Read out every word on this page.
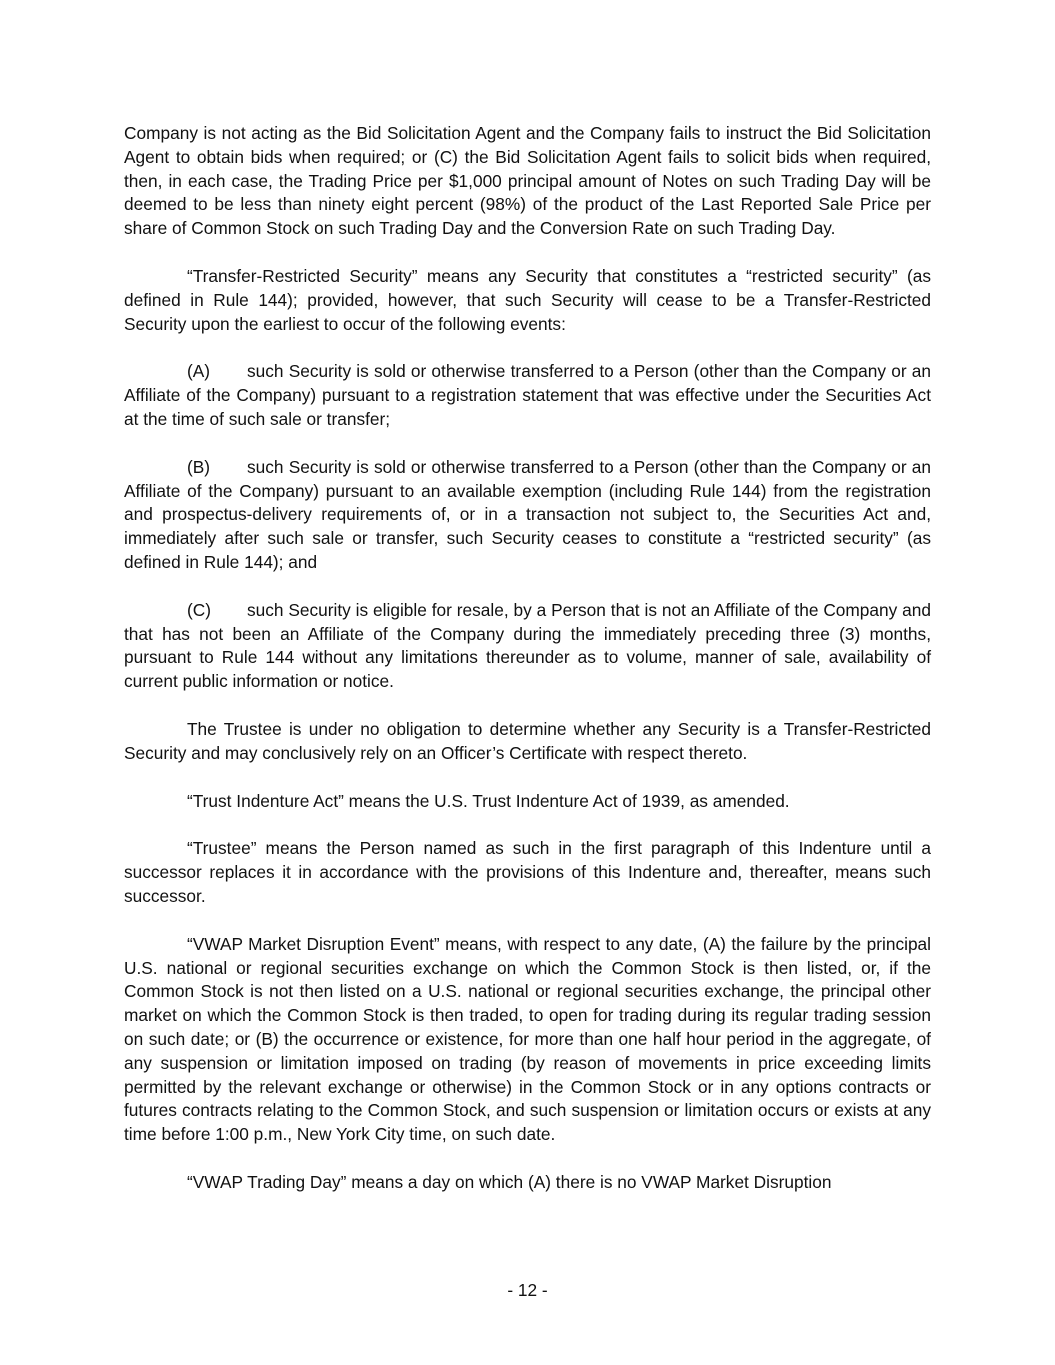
Company is not acting as the Bid Solicitation Agent and the Company fails to instruct the Bid Solicitation Agent to obtain bids when required; or (C) the Bid Solicitation Agent fails to solicit bids when required, then, in each case, the Trading Price per $1,000 principal amount of Notes on such Trading Day will be deemed to be less than ninety eight percent (98%) of the product of the Last Reported Sale Price per share of Common Stock on such Trading Day and the Conversion Rate on such Trading Day.

“Transfer-Restricted Security” means any Security that constitutes a “restricted security” (as defined in Rule 144); provided, however, that such Security will cease to be a Transfer-Restricted Security upon the earliest to occur of the following events:

(A) such Security is sold or otherwise transferred to a Person (other than the Company or an Affiliate of the Company) pursuant to a registration statement that was effective under the Securities Act at the time of such sale or transfer;

(B) such Security is sold or otherwise transferred to a Person (other than the Company or an Affiliate of the Company) pursuant to an available exemption (including Rule 144) from the registration and prospectus-delivery requirements of, or in a transaction not subject to, the Securities Act and, immediately after such sale or transfer, such Security ceases to constitute a “restricted security” (as defined in Rule 144); and

(C) such Security is eligible for resale, by a Person that is not an Affiliate of the Company and that has not been an Affiliate of the Company during the immediately preceding three (3) months, pursuant to Rule 144 without any limitations thereunder as to volume, manner of sale, availability of current public information or notice.

The Trustee is under no obligation to determine whether any Security is a Transfer-Restricted Security and may conclusively rely on an Officer’s Certificate with respect thereto.

“Trust Indenture Act” means the U.S. Trust Indenture Act of 1939, as amended.

“Trustee” means the Person named as such in the first paragraph of this Indenture until a successor replaces it in accordance with the provisions of this Indenture and, thereafter, means such successor.

“VWAP Market Disruption Event” means, with respect to any date, (A) the failure by the principal U.S. national or regional securities exchange on which the Common Stock is then listed, or, if the Common Stock is not then listed on a U.S. national or regional securities exchange, the principal other market on which the Common Stock is then traded, to open for trading during its regular trading session on such date; or (B) the occurrence or existence, for more than one half hour period in the aggregate, of any suspension or limitation imposed on trading (by reason of movements in price exceeding limits permitted by the relevant exchange or otherwise) in the Common Stock or in any options contracts or futures contracts relating to the Common Stock, and such suspension or limitation occurs or exists at any time before 1:00 p.m., New York City time, on such date.

“VWAP Trading Day” means a day on which (A) there is no VWAP Market Disruption

- 12 -
